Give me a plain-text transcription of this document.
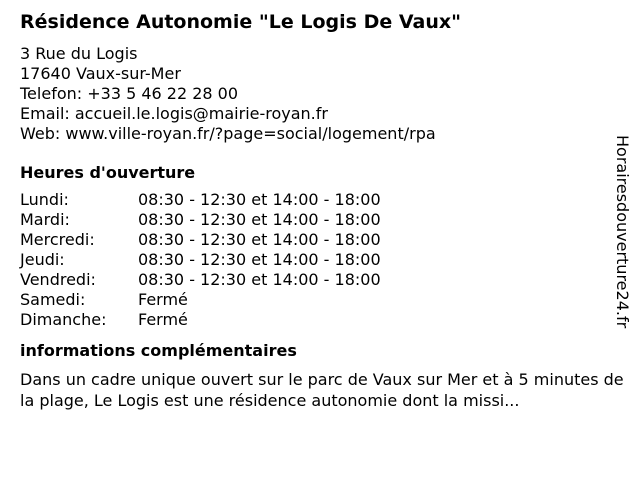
Résidence Autonomie "Le Logis De Vaux"
3 Rue du Logis
17640 Vaux-sur-Mer
Telefon: +33 5 46 22 28 00
Email: accueil.le.logis@mairie-royan.fr
Web: www.ville-royan.fr/?page=social/logement/rpa
Heures d'ouverture
Lundi:	08:30 - 12:30 et 14:00 - 18:00
Mardi:	08:30 - 12:30 et 14:00 - 18:00
Mercredi:	08:30 - 12:30 et 14:00 - 18:00
Jeudi:	08:30 - 12:30 et 14:00 - 18:00
Vendredi:	08:30 - 12:30 et 14:00 - 18:00
Samedi:	Fermé
Dimanche:	Fermé
informations complémentaires
Dans un cadre unique ouvert sur le parc de Vaux sur Mer et à 5 minutes de la plage, Le Logis est une résidence autonomie dont la missi...
Horairesdouverture24.fr
